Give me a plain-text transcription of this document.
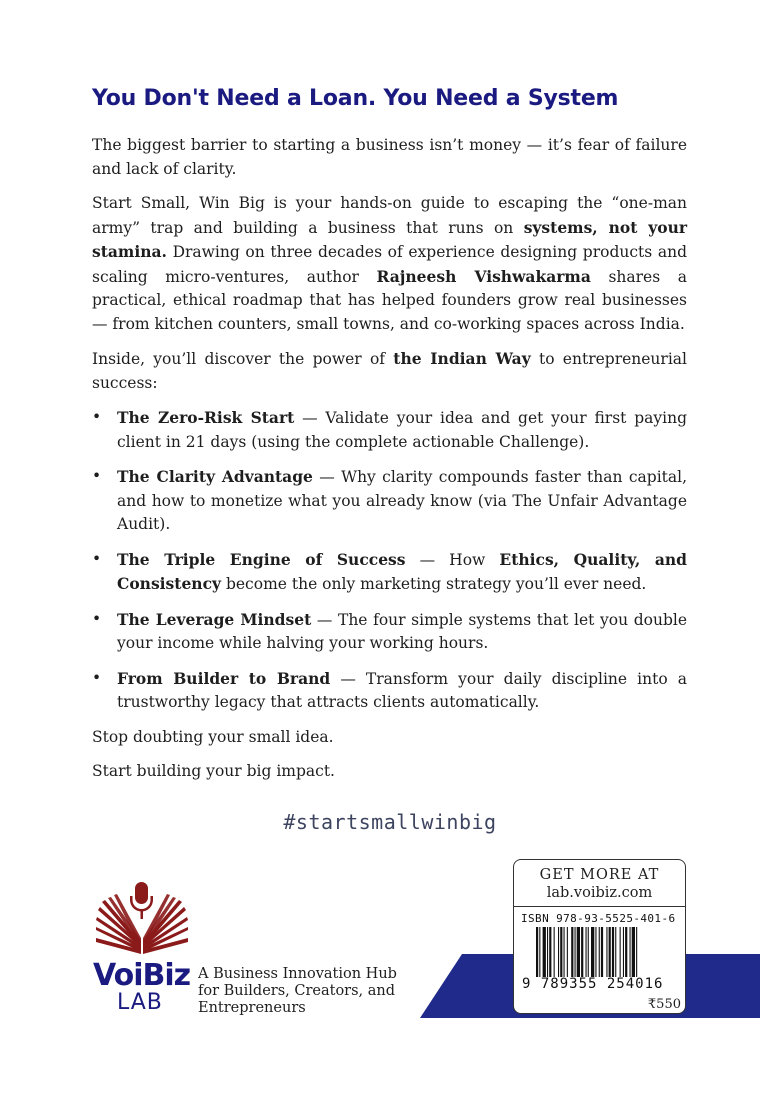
You Don't Need a Loan. You Need a System

The biggest barrier to starting a business isn’t money — it’s fear of failure and lack of clarity.

Start Small, Win Big is your hands-on guide to escaping the “one-man army” trap and building a business that runs on systems, not your stamina. Drawing on three decades of experience designing products and scaling micro-ventures, author Rajneesh Vishwakarma shares a practical, ethical roadmap that has helped founders grow real businesses — from kitchen counters, small towns, and co-working spaces across India.

Inside, you’ll discover the power of the Indian Way to entrepreneurial success:

• The Zero-Risk Start — Validate your idea and get your first paying client in 21 days (using the complete actionable Challenge).
• The Clarity Advantage — Why clarity compounds faster than capital, and how to monetize what you already know (via The Unfair Advantage Audit).
• The Triple Engine of Success — How Ethics, Quality, and Consistency become the only marketing strategy you’ll ever need.
• The Leverage Mindset — The four simple systems that let you double your income while halving your working hours.
• From Builder to Brand — Transform your daily discipline into a trustworthy legacy that attracts clients automatically.

Stop doubting your small idea.

Start building your big impact.

#startsmallwinbig
VoiBiz
LAB
A Business Innovation Hub for Builders, Creators, and Entrepreneurs
GET MORE AT
lab.voibiz.com
ISBN 978-93-5525-401-6
9 789355 254016
₹550
